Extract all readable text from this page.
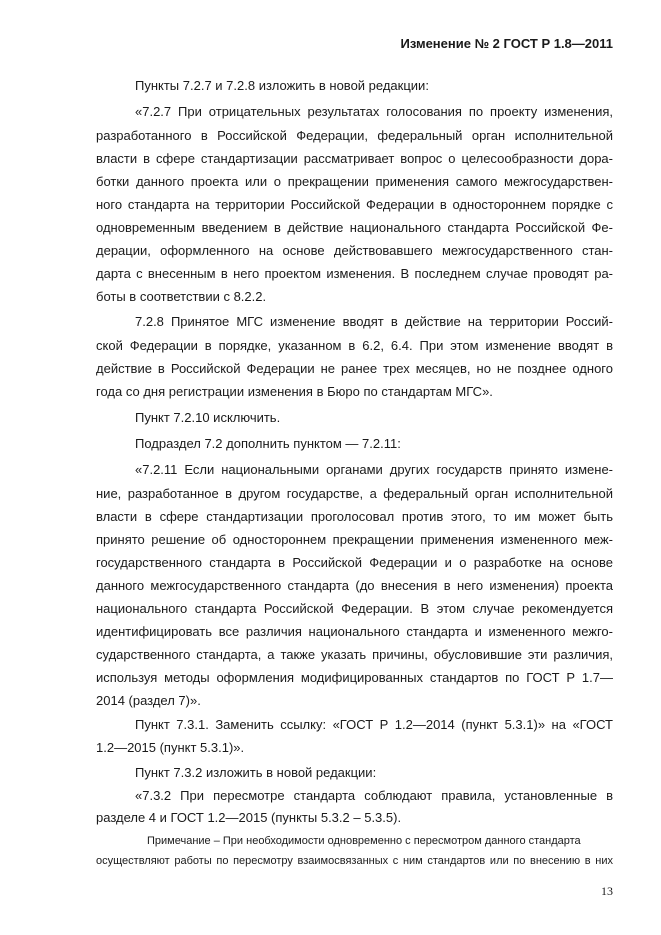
Изменение № 2 ГОСТ Р 1.8—2011
Пункты 7.2.7 и 7.2.8 изложить в новой редакции:
«7.2.7 При отрицательных результатах голосования по проекту изменения,
разработанного в Российской Федерации, федеральный орган исполнительной
власти в сфере стандартизации рассматривает вопрос о целесообразности дора-
ботки данного проекта или о прекращении применения самого межгосударствен-
ного стандарта на территории Российской Федерации в одностороннем порядке с
одновременным введением в действие национального стандарта Российской Фе-
дерации, оформленного на основе действовавшего межгосударственного стан-
дарта с внесенным в него проектом изменения. В последнем случае проводят ра-
боты в соответствии с 8.2.2.
7.2.8 Принятое МГС изменение вводят в действие на территории Россий-
ской Федерации в порядке, указанном в 6.2, 6.4. При этом изменение вводят в
действие в Российской Федерации не ранее трех месяцев, но не позднее одного
года со дня регистрации изменения в Бюро по стандартам МГС».
Пункт 7.2.10 исключить.
Подраздел 7.2 дополнить пунктом — 7.2.11:
«7.2.11 Если национальными органами других государств принято измене-
ние, разработанное в другом государстве, а федеральный орган исполнительной
власти в сфере стандартизации проголосовал против этого, то им может быть
принято решение об одностороннем прекращении применения измененного меж-
государственного стандарта в Российской Федерации и о разработке на основе
данного межгосударственного стандарта (до внесения в него изменения) проекта
национального стандарта Российской Федерации. В этом случае рекомендуется
идентифицировать все различия национального стандарта и измененного межго-
сударственного стандарта, а также указать причины, обусловившие эти различия,
используя методы оформления модифицированных стандартов по ГОСТ Р 1.7—
2014 (раздел 7)».
Пункт 7.3.1. Заменить ссылку: «ГОСТ Р 1.2—2014 (пункт 5.3.1)» на «ГОСТ
1.2—2015 (пункт 5.3.1)».
Пункт 7.3.2 изложить в новой редакции:
«7.3.2 При пересмотре стандарта соблюдают правила, установленные в
разделе 4 и ГОСТ 1.2—2015 (пункты 5.3.2 – 5.3.5).
Примечание – При необходимости одновременно с пересмотром данного стандарта
осуществляют работы по пересмотру взаимосвязанных с ним стандартов или по внесению в них
13
